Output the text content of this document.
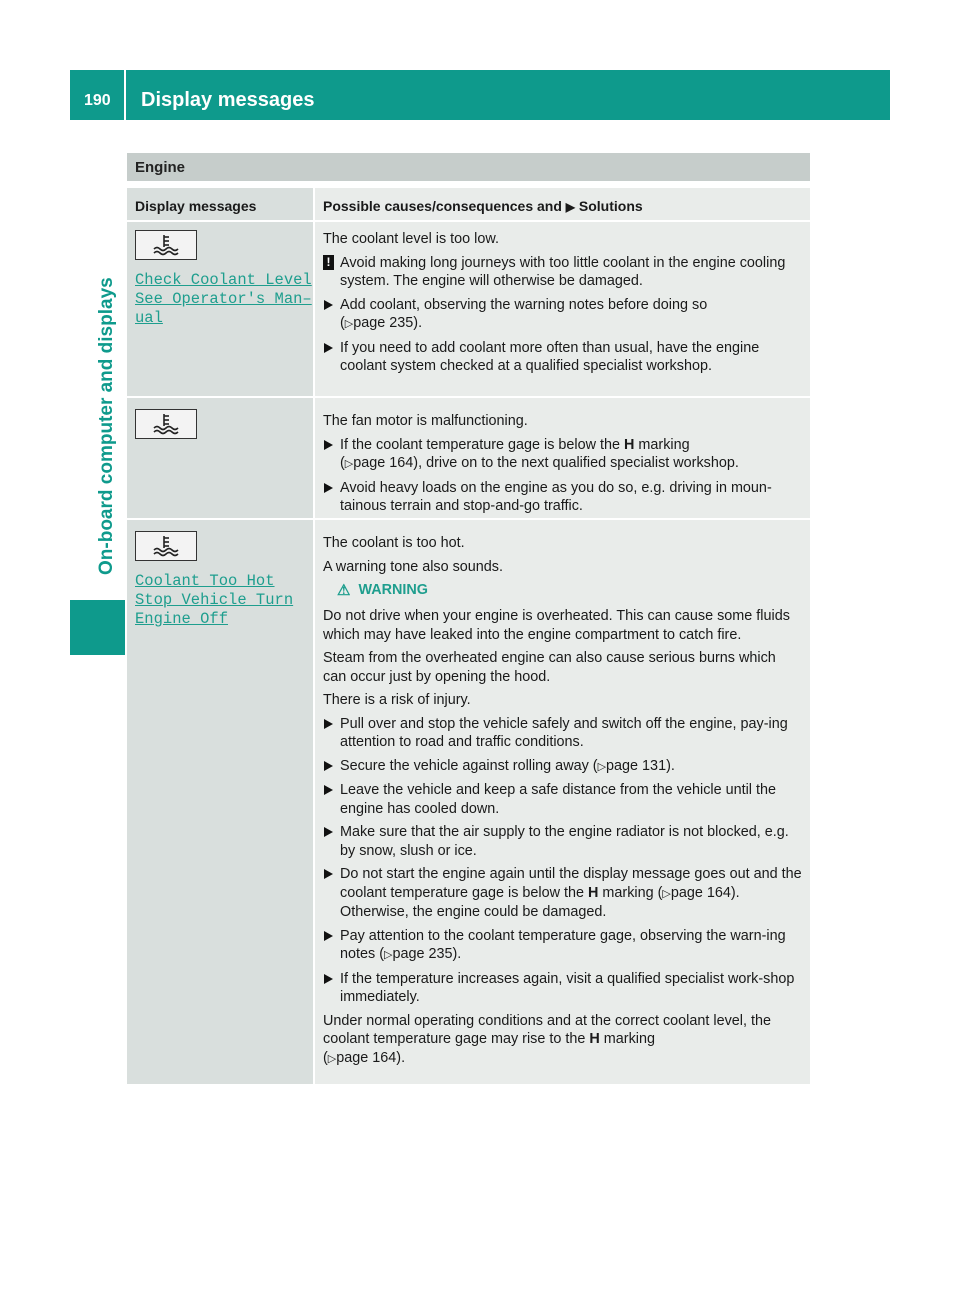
190 Display messages
On-board computer and displays
Engine
Display messages	Possible causes/consequences and ▶ Solutions
Check Coolant Level
See Operator's Man–
ual
The coolant level is too low.
! Avoid making long journeys with too little coolant in the engine cooling system. The engine will otherwise be damaged.
Add coolant, observing the warning notes before doing so
(▷page 235).
If you need to add coolant more often than usual, have the engine coolant system checked at a qualified specialist workshop.
The fan motor is malfunctioning.
If the coolant temperature gage is below the H marking
(▷page 164), drive on to the next qualified specialist workshop.
Avoid heavy loads on the engine as you do so, e.g. driving in moun-tainous terrain and stop-and-go traffic.
Coolant Too Hot
Stop Vehicle Turn
Engine Off
The coolant is too hot.
A warning tone also sounds.
⚠ WARNING
Do not drive when your engine is overheated. This can cause some fluids which may have leaked into the engine compartment to catch fire.
Steam from the overheated engine can also cause serious burns which can occur just by opening the hood.
There is a risk of injury.
Pull over and stop the vehicle safely and switch off the engine, pay-ing attention to road and traffic conditions.
Secure the vehicle against rolling away (▷page 131).
Leave the vehicle and keep a safe distance from the vehicle until the engine has cooled down.
Make sure that the air supply to the engine radiator is not blocked, e.g. by snow, slush or ice.
Do not start the engine again until the display message goes out and the coolant temperature gage is below the H marking (▷page 164). Otherwise, the engine could be damaged.
Pay attention to the coolant temperature gage, observing the warn-ing notes (▷page 235).
If the temperature increases again, visit a qualified specialist work-shop immediately.
Under normal operating conditions and at the correct coolant level, the coolant temperature gage may rise to the H marking
(▷page 164).
